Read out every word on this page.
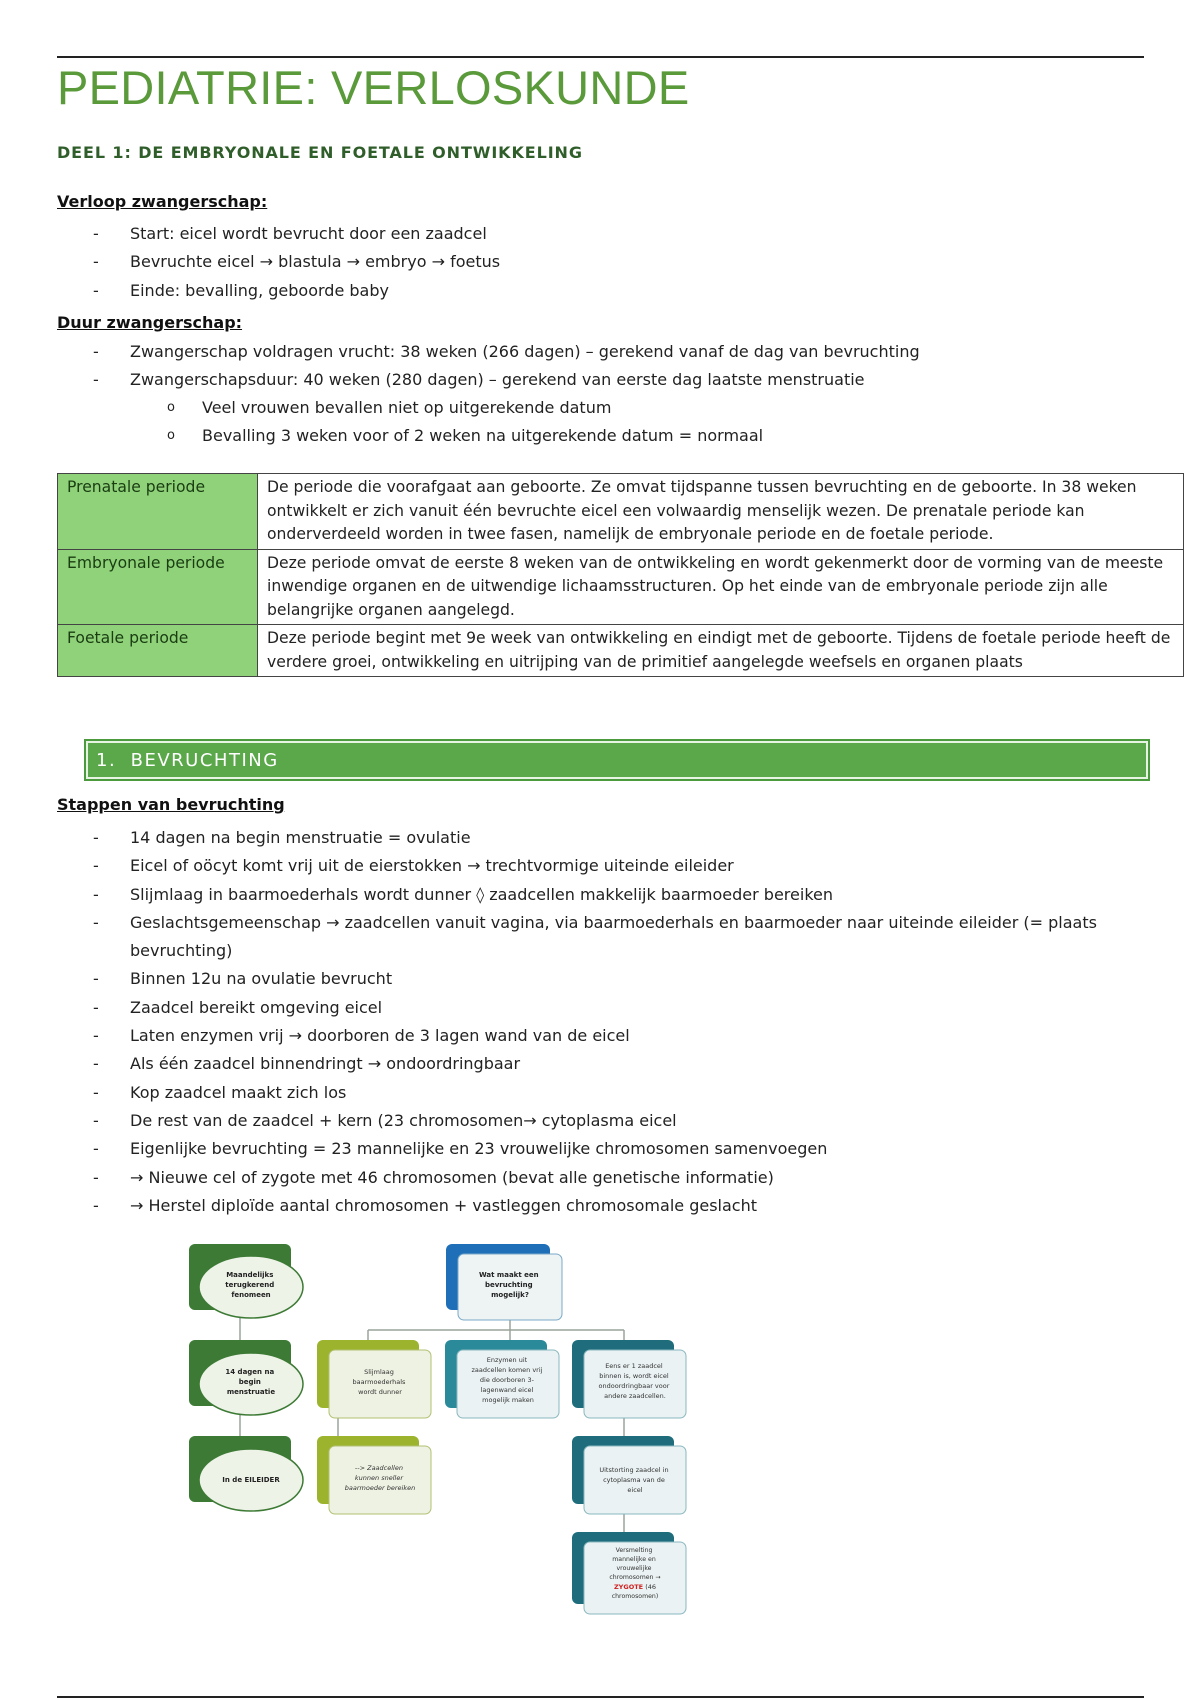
PEDIATRIE: VERLOSKUNDE
DEEL 1: DE EMBRYONALE EN FOETALE ONTWIKKELING
Verloop zwangerschap:
- Start: eicel wordt bevrucht door een zaadcel
- Bevruchte eicel → blastula → embryo → foetus
- Einde: bevalling, geboorde baby
Duur zwangerschap:
- Zwangerschap voldragen vrucht: 38 weken (266 dagen) – gerekend vanaf de dag van bevruchting
- Zwangerschapsduur: 40 weken (280 dagen) – gerekend van eerste dag laatste menstruatie
o Veel vrouwen bevallen niet op uitgerekende datum
o Bevalling 3 weken voor of 2 weken na uitgerekende datum = normaal
Prenatale periode	De periode die voorafgaat aan geboorte. Ze omvat tijdspanne tussen bevruchting en de geboorte. In 38 weken ontwikkelt er zich vanuit één bevruchte eicel een volwaardig menselijk wezen. De prenatale periode kan onderverdeeld worden in twee fasen, namelijk de embryonale periode en de foetale periode.
Embryonale periode	Deze periode omvat de eerste 8 weken van de ontwikkeling en wordt gekenmerkt door de vorming van de meeste inwendige organen en de uitwendige lichaamsstructuren. Op het einde van de embryonale periode zijn alle belangrijke organen aangelegd.
Foetale periode	Deze periode begint met 9e week van ontwikkeling en eindigt met de geboorte. Tijdens de foetale periode heeft de verdere groei, ontwikkeling en uitrijping van de primitief aangelegde weefsels en organen plaats
1. BEVRUCHTING
Stappen van bevruchting
- 14 dagen na begin menstruatie = ovulatie
- Eicel of oöcyt komt vrij uit de eierstokken → trechtvormige uiteinde eileider
- Slijmlaag in baarmoederhals wordt dunner ◊ zaadcellen makkelijk baarmoeder bereiken
- Geslachtsgemeenschap → zaadcellen vanuit vagina, via baarmoederhals en baarmoeder naar uiteinde eileider (= plaats bevruchting)
- Binnen 12u na ovulatie bevrucht
- Zaadcel bereikt omgeving eicel
- Laten enzymen vrij → doorboren de 3 lagen wand van de eicel
- Als één zaadcel binnendringt → ondoordringbaar
- Kop zaadcel maakt zich los
- De rest van de zaadcel + kern (23 chromosomen→ cytoplasma eicel
- Eigenlijke bevruchting = 23 mannelijke en 23 vrouwelijke chromosomen samenvoegen
- → Nieuwe cel of zygote met 46 chromosomen (bevat alle genetische informatie)
- → Herstel diploïde aantal chromosomen + vastleggen chromosomale geslacht
Maandelijks terugkerend fenomeen
14 dagen na begin menstruatie
In de EILEIDER
Wat maakt een bevruchting mogelijk?
Slijmlaag baarmoederhals wordt dunner
--> Zaadcellen kunnen sneller baarmoeder bereiken
Enzymen uit zaadcellen komen vrij die doorboren 3- lagenwand eicel mogelijk maken
Eens er 1 zaadcel binnen is, wordt eicel ondoordringbaar voor andere zaadcellen.
Uitstorting zaadcel in cytoplasma van de eicel
Versmelting mannelijke en vrouwelijke chromosomen →
ZYGOTE (46
chromosomen)
